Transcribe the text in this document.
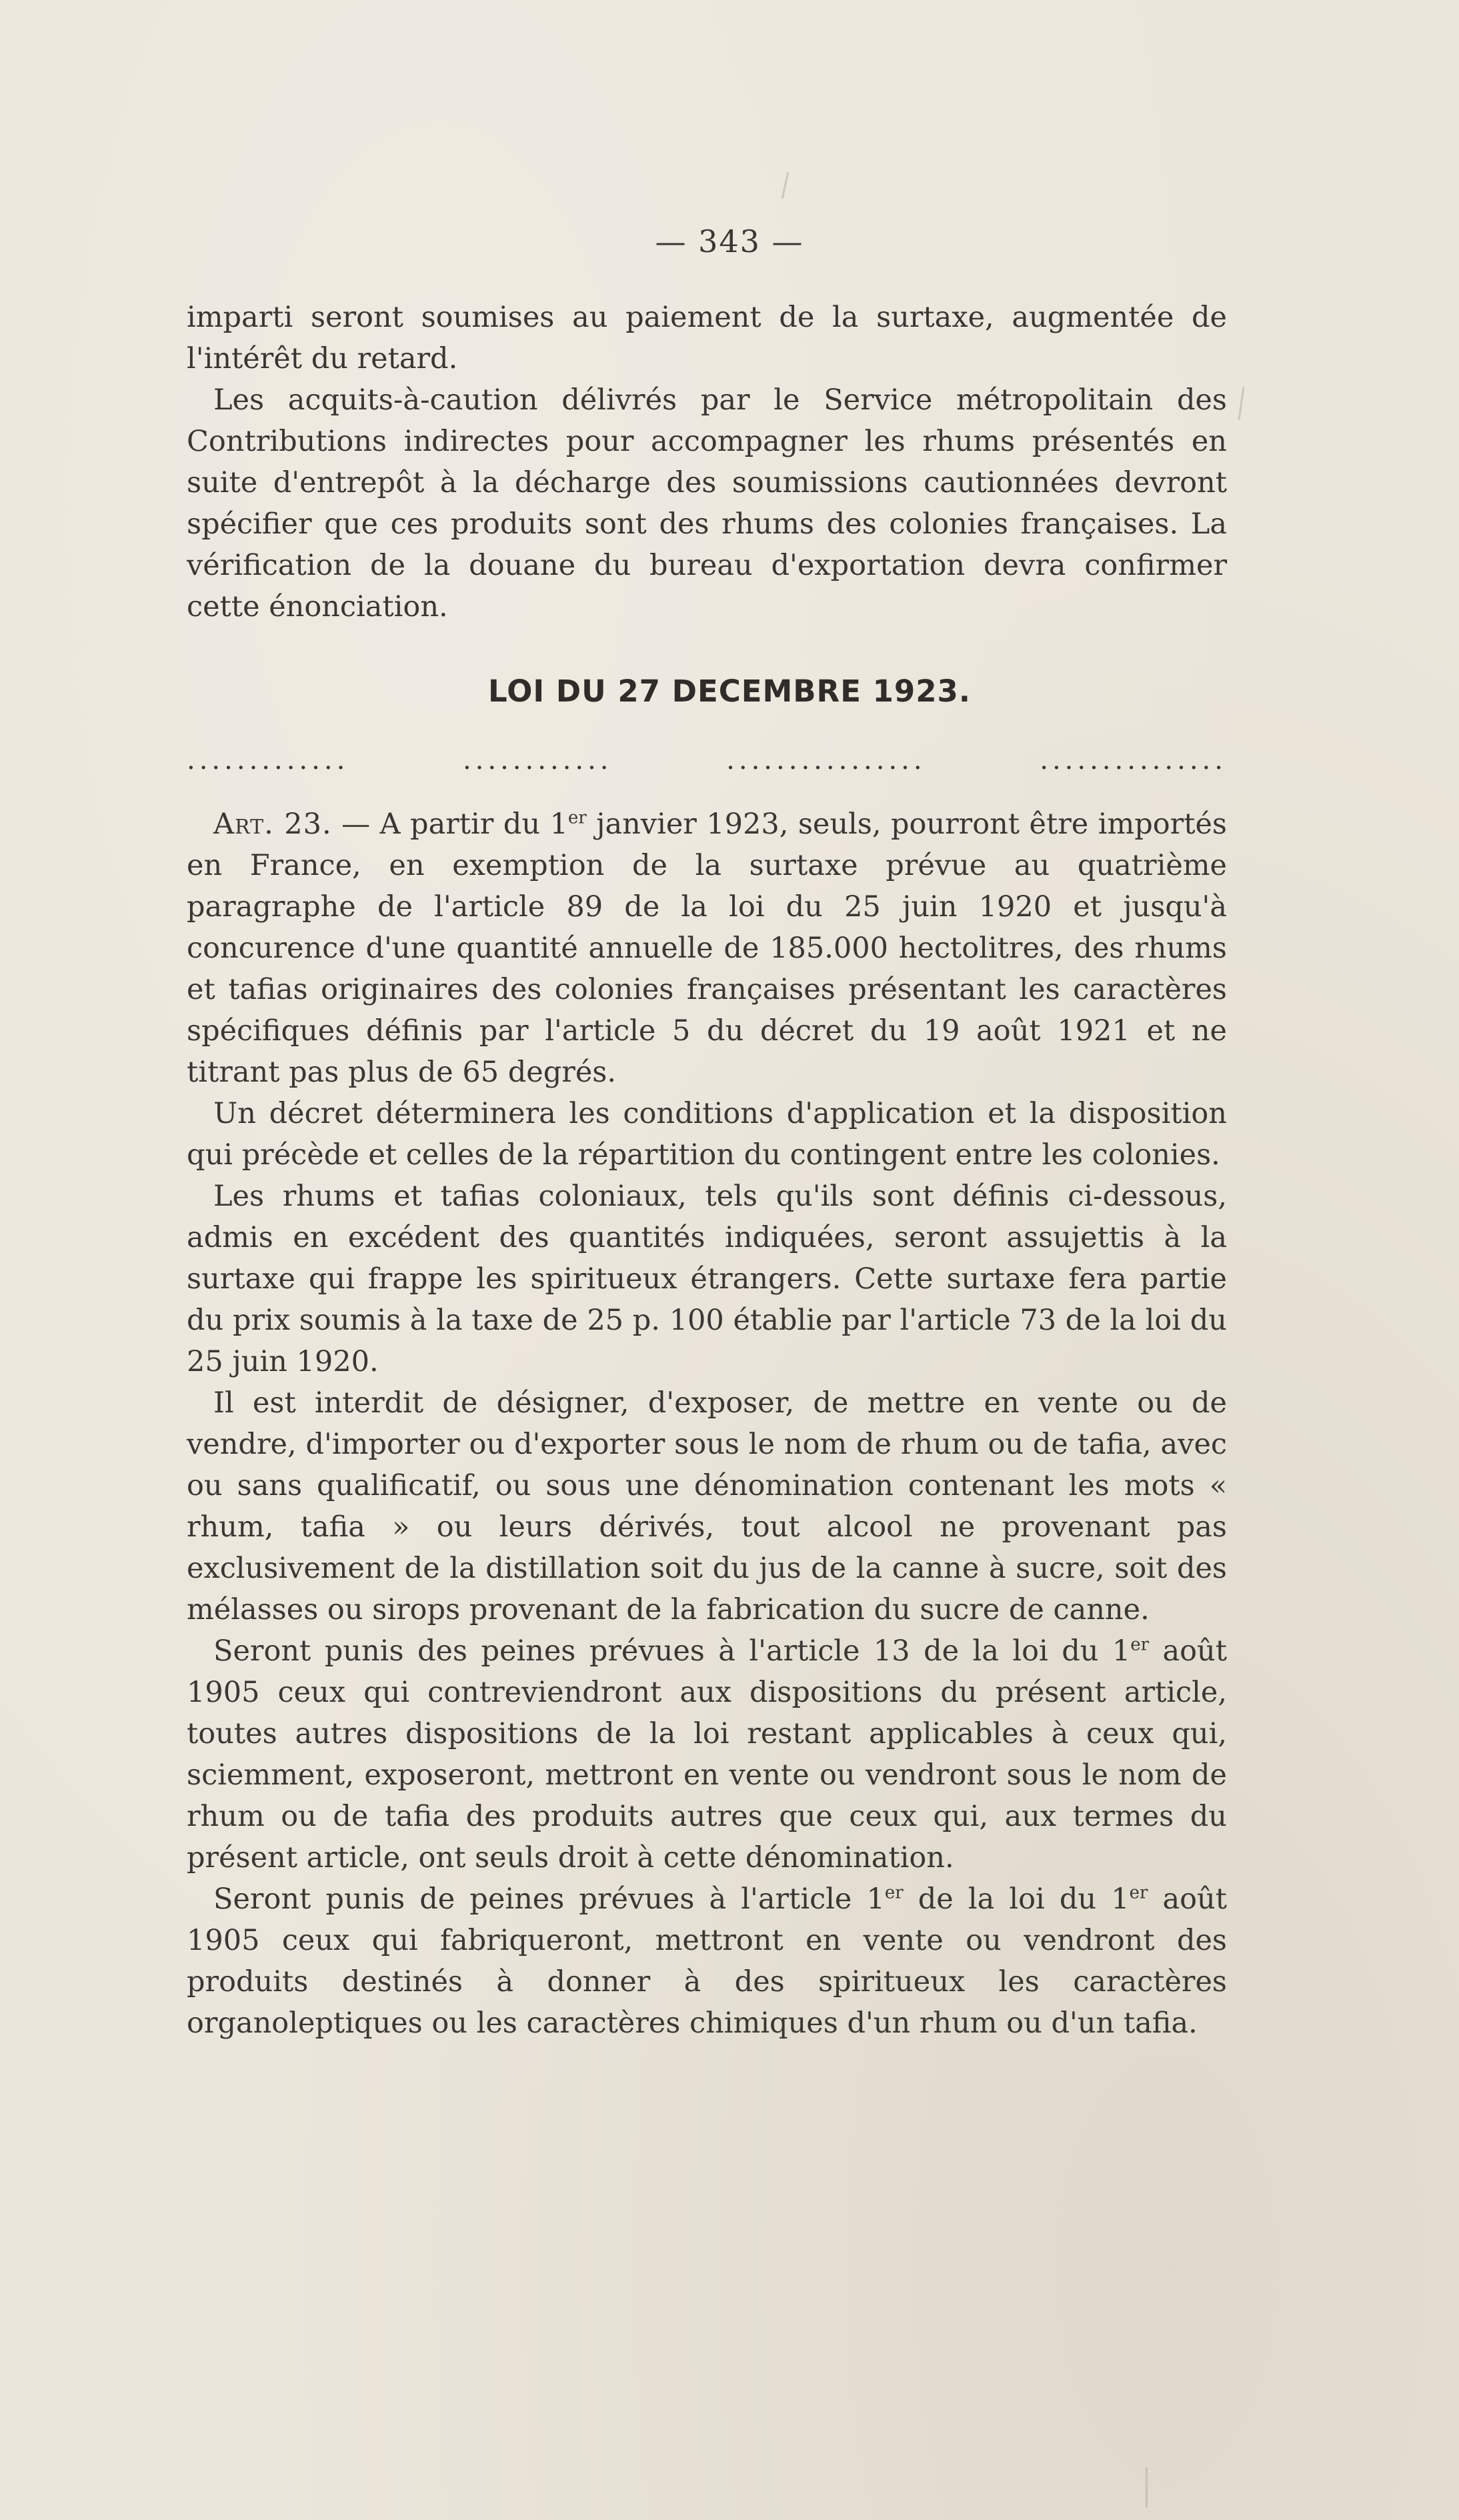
— 343 —

imparti seront soumises au paiement de la surtaxe, augmentée de l'intérêt du retard.

Les acquits-à-caution délivrés par le Service métropolitain des Contributions indirectes pour accompagner les rhums présentés en suite d'entrepôt à la décharge des soumissions cautionnées devront spécifier que ces produits sont des rhums des colonies françaises. La vérification de la douane du bureau d'exportation devra confirmer cette énonciation.

LOI DU 27 DECEMBRE 1923.
.............	............	................	...............

Art. 23. — A partir du 1er janvier 1923, seuls, pourront être importés en France, en exemption de la surtaxe prévue au quatrième paragraphe de l'article 89 de la loi du 25 juin 1920 et jusqu'à concurence d'une quantité annuelle de 185.000 hectolitres, des rhums et tafias originaires des colonies françaises présentant les caractères spécifiques définis par l'article 5 du décret du 19 août 1921 et ne titrant pas plus de 65 degrés.

Un décret déterminera les conditions d'application et la disposition qui précède et celles de la répartition du contingent entre les colonies.

Les rhums et tafias coloniaux, tels qu'ils sont définis ci-dessous, admis en excédent des quantités indiquées, seront assujettis à la surtaxe qui frappe les spiritueux étrangers. Cette surtaxe fera partie du prix soumis à la taxe de 25 p. 100 établie par l'article 73 de la loi du 25 juin 1920.

Il est interdit de désigner, d'exposer, de mettre en vente ou de vendre, d'importer ou d'exporter sous le nom de rhum ou de tafia, avec ou sans qualificatif, ou sous une dénomination contenant les mots « rhum, tafia » ou leurs dérivés, tout alcool ne provenant pas exclusivement de la distillation soit du jus de la canne à sucre, soit des mélasses ou sirops provenant de la fabrication du sucre de canne.

Seront punis des peines prévues à l'article 13 de la loi du 1er août 1905 ceux qui contreviendront aux dispositions du présent article, toutes autres dispositions de la loi restant applicables à ceux qui, sciemment, exposeront, mettront en vente ou vendront sous le nom de rhum ou de tafia des produits autres que ceux qui, aux termes du présent article, ont seuls droit à cette dénomination.

Seront punis de peines prévues à l'article 1er de la loi du 1er août 1905 ceux qui fabriqueront, mettront en vente ou vendront des produits destinés à donner à des spiritueux les caractères organoleptiques ou les caractères chimiques d'un rhum ou d'un tafia.
